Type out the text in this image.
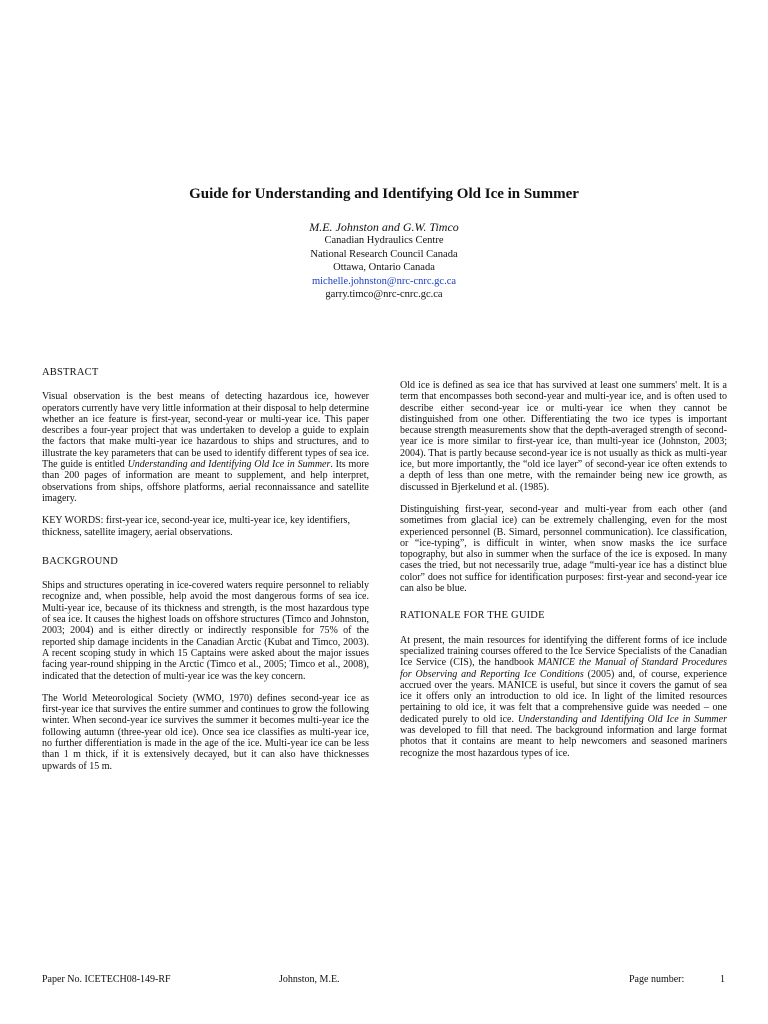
Guide for Understanding and Identifying Old Ice in Summer
M.E. Johnston and G.W. Timco
Canadian Hydraulics Centre
National Research Council Canada
Ottawa, Ontario Canada
michelle.johnston@nrc-cnrc.gc.ca
garry.timco@nrc-cnrc.gc.ca
ABSTRACT

Visual observation is the best means of detecting hazardous ice, however operators currently have very little information at their disposal to help determine whether an ice feature is first-year, second-year or multi-year ice. This paper describes a four-year project that was undertaken to develop a guide to explain the factors that make multi-year ice hazardous to ships and structures, and to illustrate the key parameters that can be used to identify different types of sea ice. The guide is entitled Understanding and Identifying Old Ice in Summer. Its more than 200 pages of information are meant to supplement, and help interpret, observations from ships, offshore platforms, aerial reconnaissance and satellite imagery.

KEY WORDS: first-year ice, second-year ice, multi-year ice, key identifiers, thickness, satellite imagery, aerial observations.

BACKGROUND

Ships and structures operating in ice-covered waters require personnel to reliably recognize and, when possible, help avoid the most dangerous forms of sea ice. Multi-year ice, because of its thickness and strength, is the most hazardous type of sea ice. It causes the highest loads on offshore structures (Timco and Johnston, 2003; 2004) and is either directly or indirectly responsible for 75% of the reported ship damage incidents in the Canadian Arctic (Kubat and Timco, 2003). A recent scoping study in which 15 Captains were asked about the major issues facing year-round shipping in the Arctic (Timco et al., 2005; Timco et al., 2008), indicated that the detection of multi-year ice was the key concern.

The World Meteorological Society (WMO, 1970) defines second-year ice as first-year ice that survives the entire summer and continues to grow the following winter. When second-year ice survives the summer it becomes multi-year ice the following autumn (three-year old ice). Once sea ice classifies as multi-year ice, no further differentiation is made in the age of the ice. Multi-year ice can be less than 1 m thick, if it is extensively decayed, but it can also have thicknesses upwards of 15 m.

Old ice is defined as sea ice that has survived at least one summers' melt. It is a term that encompasses both second-year and multi-year ice, and is often used to describe either second-year ice or multi-year ice when they cannot be distinguished from one other. Differentiating the two ice types is important because strength measurements show that the depth-averaged strength of second-year ice is more similar to first-year ice, than multi-year ice (Johnston, 2003; 2004). That is partly because second-year ice is not usually as thick as multi-year ice, but more importantly, the “old ice layer” of second-year ice often extends to a depth of less than one metre, with the remainder being new ice growth, as discussed in Bjerkelund et al. (1985).

Distinguishing first-year, second-year and multi-year from each other (and sometimes from glacial ice) can be extremely challenging, even for the most experienced personnel (B. Simard, personnel communication). Ice classification, or “ice-typing”, is difficult in winter, when snow masks the ice surface topography, but also in summer when the surface of the ice is exposed. In many cases the tried, but not necessarily true, adage “multi-year ice has a distinct blue color” does not suffice for identification purposes: first-year and second-year ice can also be blue.

RATIONALE FOR THE GUIDE

At present, the main resources for identifying the different forms of ice include specialized training courses offered to the Ice Service Specialists of the Canadian Ice Service (CIS), the handbook MANICE the Manual of Standard Procedures for Observing and Reporting Ice Conditions (2005) and, of course, experience accrued over the years. MANICE is useful, but since it covers the gamut of sea ice it offers only an introduction to old ice. In light of the limited resources pertaining to old ice, it was felt that a comprehensive guide was needed – one dedicated purely to old ice. Understanding and Identifying Old Ice in Summer was developed to fill that need. The background information and large format photos that it contains are meant to help newcomers and seasoned mariners recognize the most hazardous types of ice.

Paper No. ICETECH08-149-RF	Johnston, M.E.	Page number:	1
